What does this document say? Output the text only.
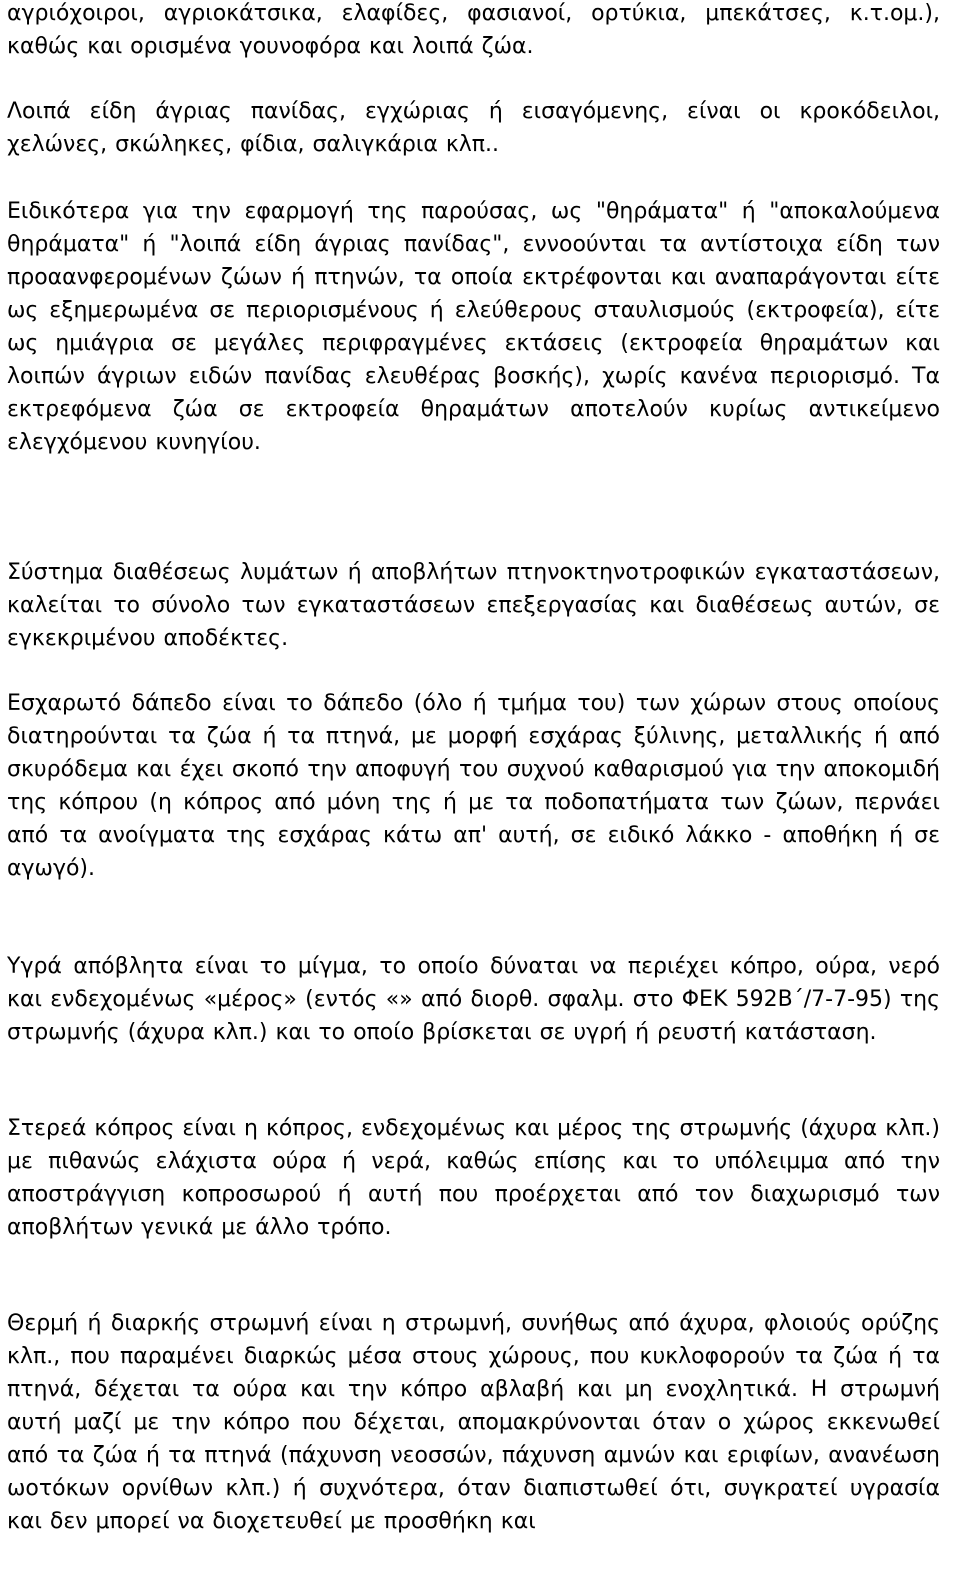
αγριόχοιροι, αγριοκάτσικα, ελαφίδες, φασιανοί, ορτύκια, μπεκάτσες, κ.τ.ομ.), καθώς και ορισμένα γουνοφόρα και λοιπά ζώα.

Λοιπά είδη άγριας πανίδας, εγχώριας ή εισαγόμενης, είναι οι κροκόδειλοι, χελώνες, σκώληκες, φίδια, σαλιγκάρια κλπ..

Ειδικότερα για την εφαρμογή της παρούσας, ως "θηράματα" ή "αποκαλούμενα θηράματα" ή "λοιπά είδη άγριας πανίδας", εννοούνται τα αντίστοιχα είδη των προαανφερομένων ζώων ή πτηνών, τα οποία εκτρέφονται και αναπαράγονται είτε ως εξημερωμένα σε περιορισμένους ή ελεύθερους σταυλισμούς (εκτροφεία), είτε ως ημιάγρια σε μεγάλες περιφραγμένες εκτάσεις (εκτροφεία θηραμάτων και λοιπών άγριων ειδών πανίδας ελευθέρας βοσκής), χωρίς κανένα περιορισμό. Τα εκτρεφόμενα ζώα σε εκτροφεία θηραμάτων αποτελούν κυρίως αντικείμενο ελεγχόμενου κυνηγίου.

Σύστημα διαθέσεως λυμάτων ή αποβλήτων πτηνοκτηνοτροφικών εγκαταστάσεων, καλείται το σύνολο των εγκαταστάσεων επεξεργασίας και διαθέσεως αυτών, σε εγκεκριμένου αποδέκτες.

Εσχαρωτό δάπεδο είναι το δάπεδο (όλο ή τμήμα του) των χώρων στους οποίους διατηρούνται τα ζώα ή τα πτηνά, με μορφή εσχάρας ξύλινης, μεταλλικής ή από σκυρόδεμα και έχει σκοπό την αποφυγή του συχνού καθαρισμού για την αποκομιδή της κόπρου (η κόπρος από μόνη της ή με τα ποδοπατήματα των ζώων, περνάει από τα ανοίγματα της εσχάρας κάτω απ' αυτή, σε ειδικό λάκκο - αποθήκη ή σε αγωγό).

Υγρά απόβλητα είναι το μίγμα, το οποίο δύναται να περιέχει κόπρο, ούρα, νερό και ενδεχομένως «μέρος» (εντός «» από διορθ. σφαλμ. στο ΦΕΚ 592Β΄/7-7-95) της στρωμνής (άχυρα κλπ.) και το οποίο βρίσκεται σε υγρή ή ρευστή κατάσταση.

Στερεά κόπρος είναι η κόπρος, ενδεχομένως και μέρος της στρωμνής (άχυρα κλπ.) με πιθανώς ελάχιστα ούρα ή νερά, καθώς επίσης και το υπόλειμμα από την αποστράγγιση κοπροσωρού ή αυτή που προέρχεται από τον διαχωρισμό των αποβλήτων γενικά με άλλο τρόπο.

Θερμή ή διαρκής στρωμνή είναι η στρωμνή, συνήθως από άχυρα, φλοιούς ορύζης κλπ., που παραμένει διαρκώς μέσα στους χώρους, που κυκλοφορούν τα ζώα ή τα πτηνά, δέχεται τα ούρα και την κόπρο αβλαβή και μη ενοχλητικά. Η στρωμνή αυτή μαζί με την κόπρο που δέχεται, απομακρύνονται όταν ο χώρος εκκενωθεί από τα ζώα ή τα πτηνά (πάχυνση νεοσσών, πάχυνση αμνών και εριφίων, ανανέωση ωοτόκων ορνίθων κλπ.) ή συχνότερα, όταν διαπιστωθεί ότι, συγκρατεί υγρασία και δεν μπορεί να διοχετευθεί με προσθήκη και
